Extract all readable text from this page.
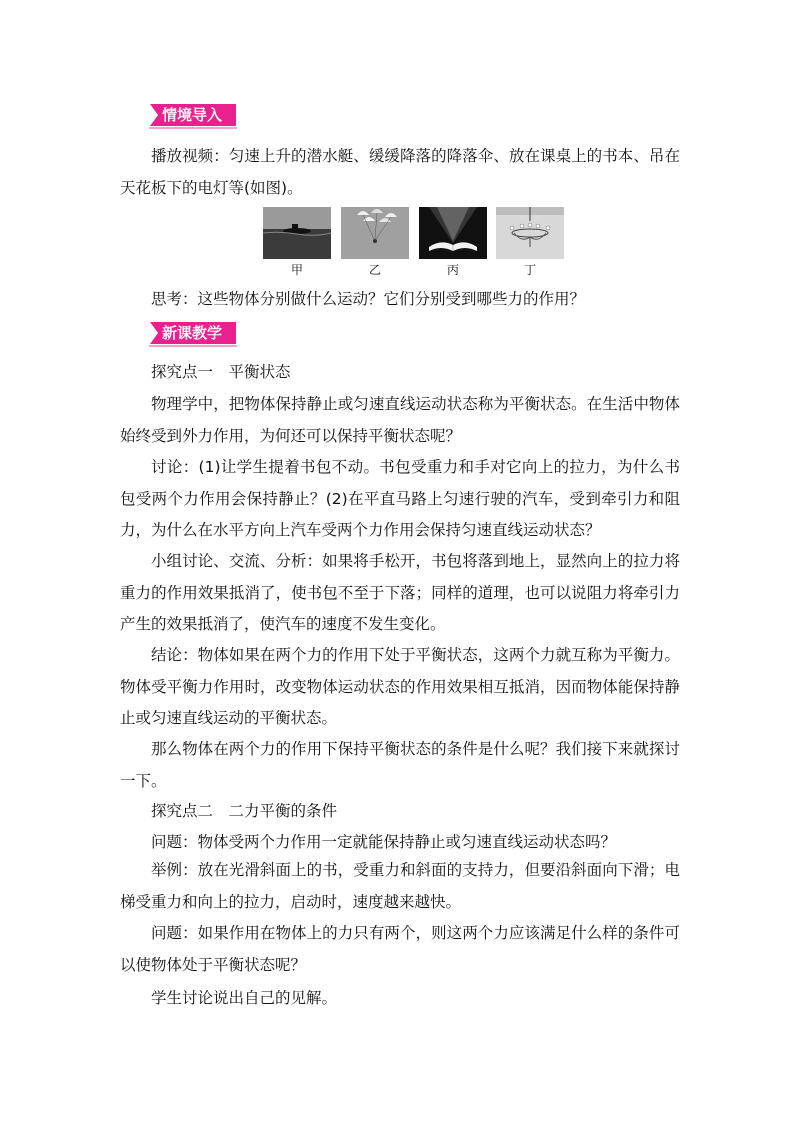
情境导入
播放视频：匀速上升的潜水艇、缓缓降落的降落伞、放在课桌上的书本、吊在天花板下的电灯等(如图)。
甲	乙	丙	丁
思考：这些物体分别做什么运动？它们分别受到哪些力的作用？
新课教学
探究点一　平衡状态
物理学中，把物体保持静止或匀速直线运动状态称为平衡状态。在生活中物体始终受到外力作用，为何还可以保持平衡状态呢？
讨论：(1)让学生提着书包不动。书包受重力和手对它向上的拉力，为什么书包受两个力作用会保持静止？(2)在平直马路上匀速行驶的汽车，受到牵引力和阻力，为什么在水平方向上汽车受两个力作用会保持匀速直线运动状态？
小组讨论、交流、分析：如果将手松开，书包将落到地上，显然向上的拉力将重力的作用效果抵消了，使书包不至于下落；同样的道理，也可以说阻力将牵引力产生的效果抵消了，使汽车的速度不发生变化。
结论：物体如果在两个力的作用下处于平衡状态，这两个力就互称为平衡力。物体受平衡力作用时，改变物体运动状态的作用效果相互抵消，因而物体能保持静止或匀速直线运动的平衡状态。
那么物体在两个力的作用下保持平衡状态的条件是什么呢？我们接下来就探讨一下。
探究点二　二力平衡的条件
问题：物体受两个力作用一定就能保持静止或匀速直线运动状态吗？
举例：放在光滑斜面上的书，受重力和斜面的支持力，但要沿斜面向下滑；电梯受重力和向上的拉力，启动时，速度越来越快。
问题：如果作用在物体上的力只有两个，则这两个力应该满足什么样的条件可以使物体处于平衡状态呢？
学生讨论说出自己的见解。
